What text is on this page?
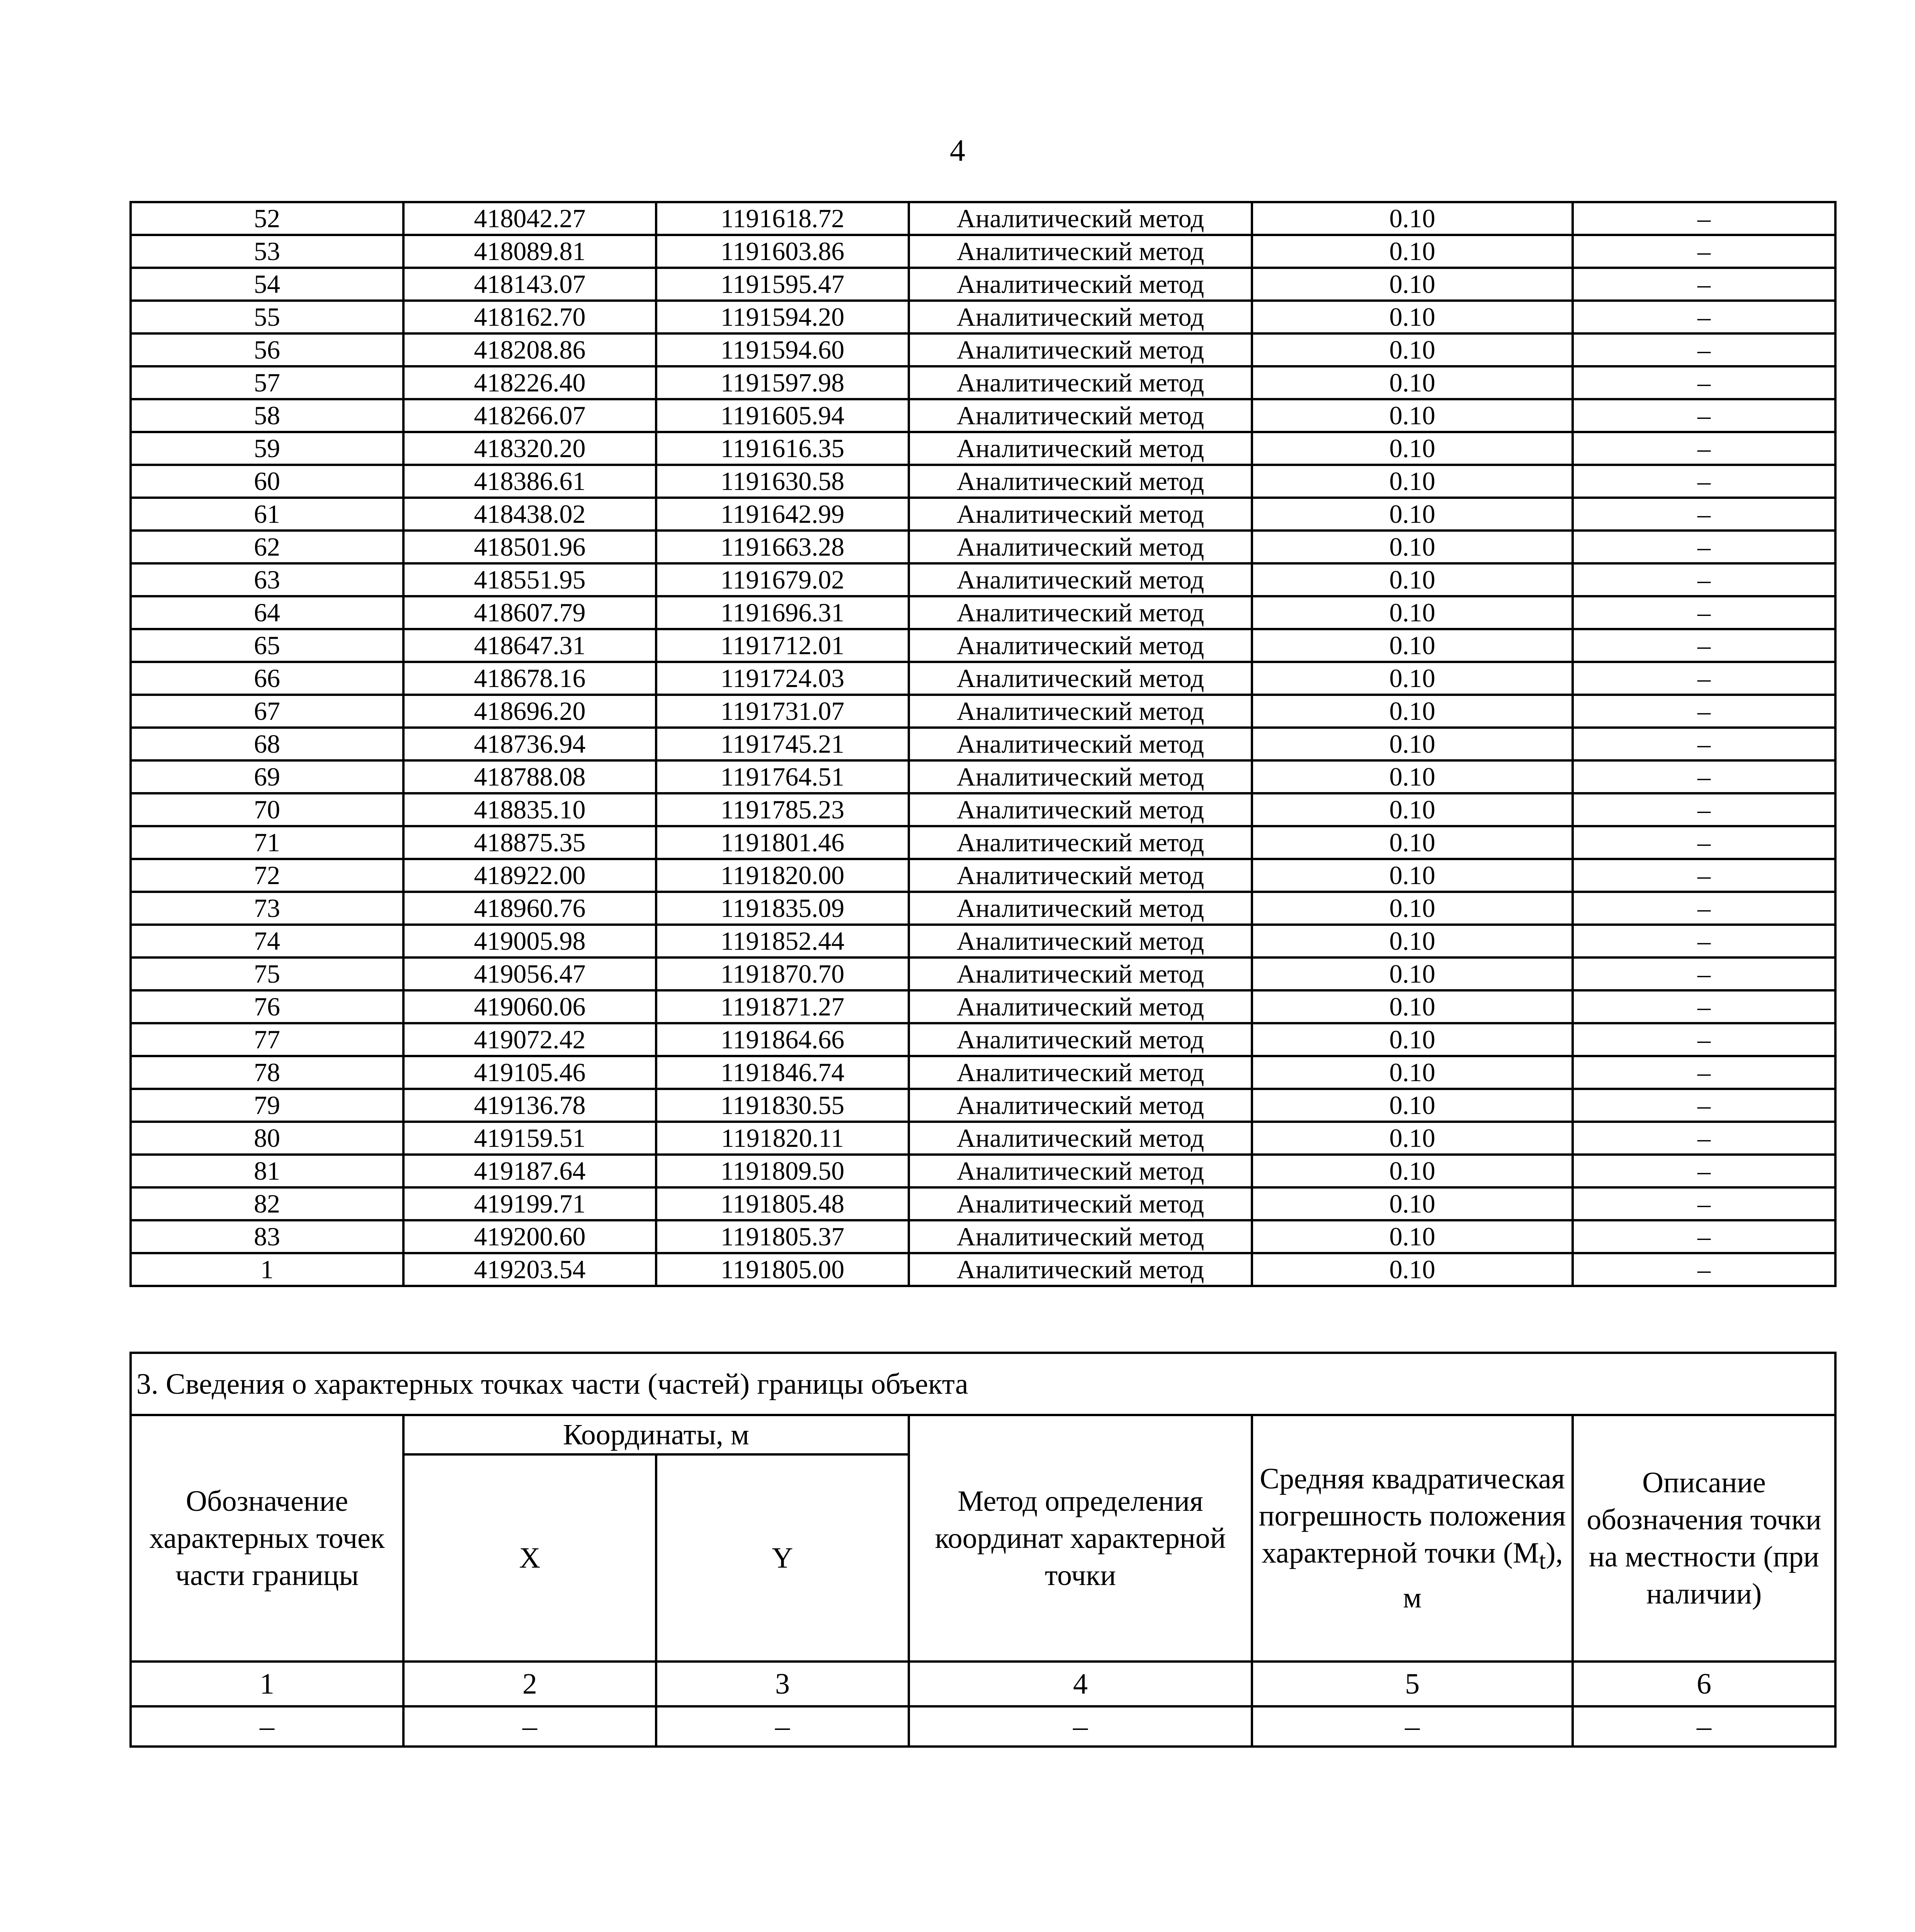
4
52	418042.27	1191618.72	Аналитический метод	0.10	–
53	418089.81	1191603.86	Аналитический метод	0.10	–
54	418143.07	1191595.47	Аналитический метод	0.10	–
55	418162.70	1191594.20	Аналитический метод	0.10	–
56	418208.86	1191594.60	Аналитический метод	0.10	–
57	418226.40	1191597.98	Аналитический метод	0.10	–
58	418266.07	1191605.94	Аналитический метод	0.10	–
59	418320.20	1191616.35	Аналитический метод	0.10	–
60	418386.61	1191630.58	Аналитический метод	0.10	–
61	418438.02	1191642.99	Аналитический метод	0.10	–
62	418501.96	1191663.28	Аналитический метод	0.10	–
63	418551.95	1191679.02	Аналитический метод	0.10	–
64	418607.79	1191696.31	Аналитический метод	0.10	–
65	418647.31	1191712.01	Аналитический метод	0.10	–
66	418678.16	1191724.03	Аналитический метод	0.10	–
67	418696.20	1191731.07	Аналитический метод	0.10	–
68	418736.94	1191745.21	Аналитический метод	0.10	–
69	418788.08	1191764.51	Аналитический метод	0.10	–
70	418835.10	1191785.23	Аналитический метод	0.10	–
71	418875.35	1191801.46	Аналитический метод	0.10	–
72	418922.00	1191820.00	Аналитический метод	0.10	–
73	418960.76	1191835.09	Аналитический метод	0.10	–
74	419005.98	1191852.44	Аналитический метод	0.10	–
75	419056.47	1191870.70	Аналитический метод	0.10	–
76	419060.06	1191871.27	Аналитический метод	0.10	–
77	419072.42	1191864.66	Аналитический метод	0.10	–
78	419105.46	1191846.74	Аналитический метод	0.10	–
79	419136.78	1191830.55	Аналитический метод	0.10	–
80	419159.51	1191820.11	Аналитический метод	0.10	–
81	419187.64	1191809.50	Аналитический метод	0.10	–
82	419199.71	1191805.48	Аналитический метод	0.10	–
83	419200.60	1191805.37	Аналитический метод	0.10	–
1	419203.54	1191805.00	Аналитический метод	0.10	–
3. Сведения о характерных точках части (частей) границы объекта					
Обозначение характерных точек части границы	Координаты, м		Метод определения координат характерной точки	Средняя квадратическая погрешность положения характерной точки $(M_t)$, м	Описание обозначения точки на местности (при наличии)
	X	Y			
1	2	3	4	5	6
–	–	–	–	–	–
